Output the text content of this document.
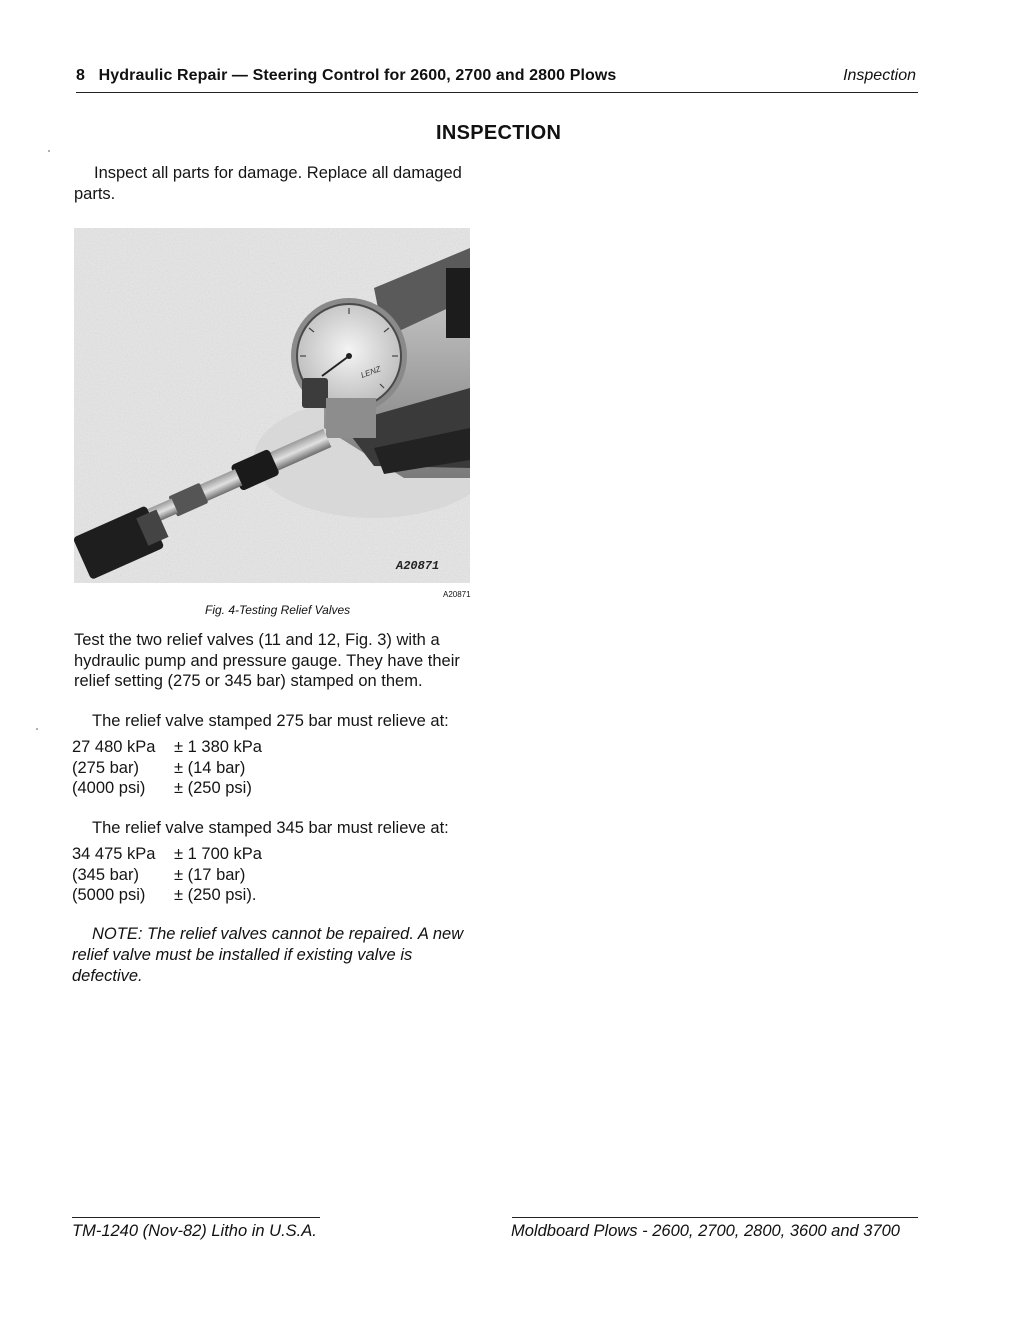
8   Hydraulic Repair — Steering Control for 2600, 2700 and 2800 Plows	Inspection
INSPECTION
Inspect all parts for damage. Replace all damaged parts.
LENZ
A20871
A20871
Fig. 4-Testing Relief Valves
Test the two relief valves (11 and 12, Fig. 3) with a hydraulic pump and pressure gauge. They have their relief setting (275 or 345 bar) stamped on them.
The relief valve stamped 275 bar must relieve at:
27 480 kPa ± 1 380 kPa
(275 bar) ± (14 bar)
(4000 psi) ± (250 psi)
The relief valve stamped 345 bar must relieve at:
34 475 kPa ± 1 700 kPa
(345 bar) ± (17 bar)
(5000 psi) ± (250 psi).
NOTE: The relief valves cannot be repaired. A new relief valve must be installed if existing valve is defective.
TM-1240 (Nov-82) Litho in U.S.A.	Moldboard Plows - 2600, 2700, 2800, 3600 and 3700
